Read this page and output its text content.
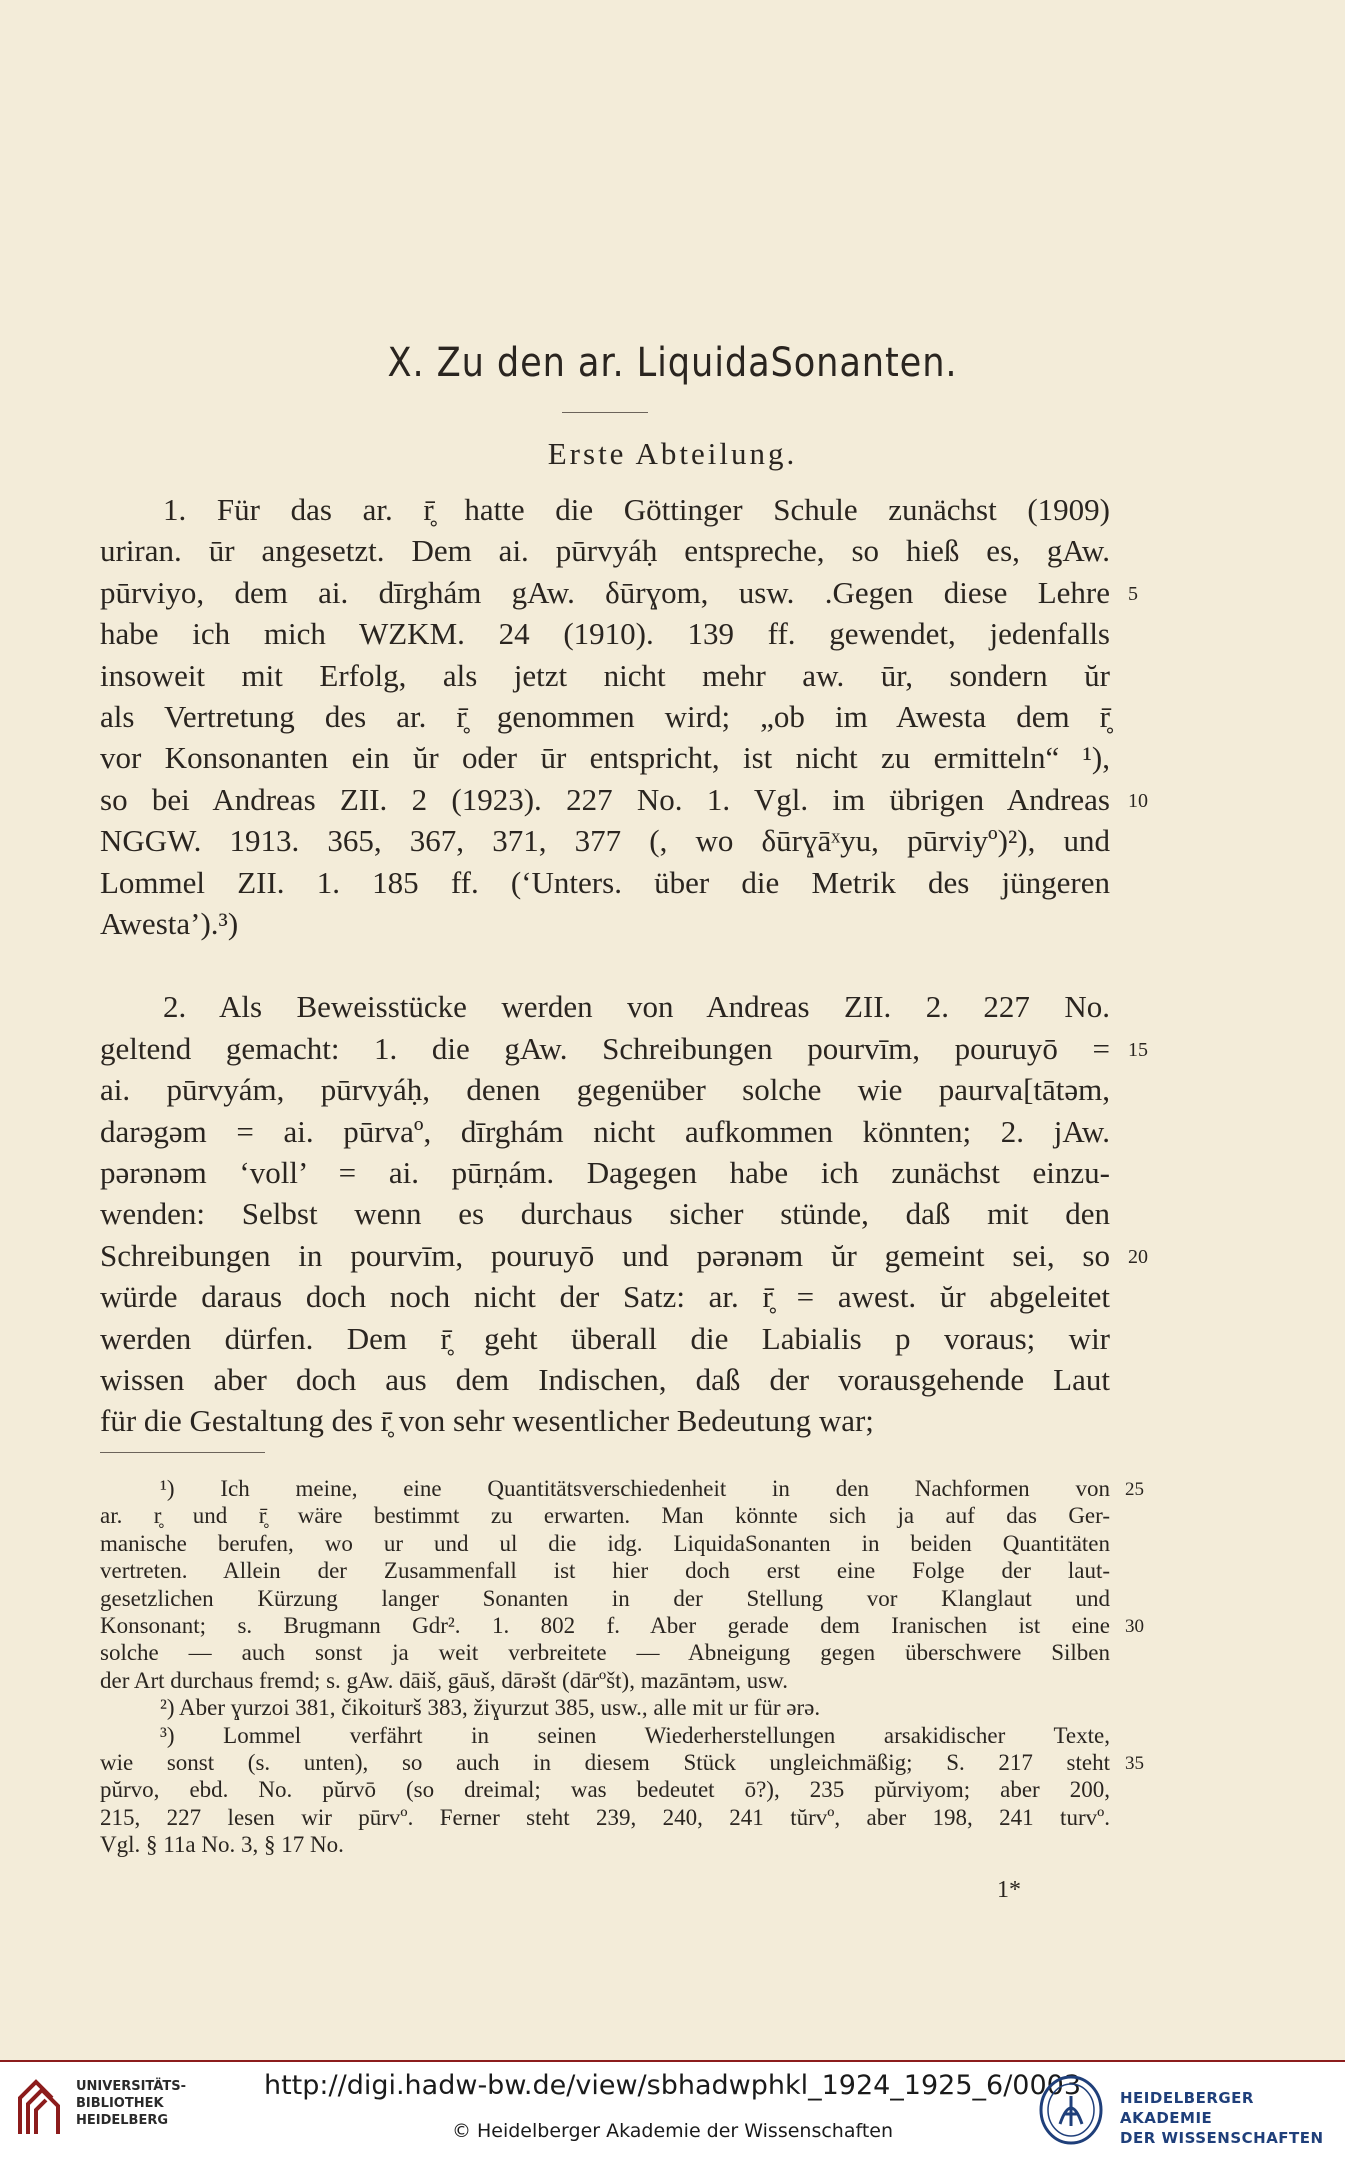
X. Zu den ar. LiquidaSonanten.
Erste Abteilung.
1. Für das ar. r̥̄ hatte die Göttinger Schule zunächst (1909)
uriran. ūr angesetzt. Dem ai. pūrvyáḥ entspreche, so hieß es, gAw.
pūrviyo, dem ai. dīrghám gAw. δūrɣom, usw. .Gegen diese Lehre 5
habe ich mich WZKM. 24 (1910). 139 ff. gewendet, jedenfalls
insoweit mit Erfolg, als jetzt nicht mehr aw. ūr, sondern ŭr
als Vertretung des ar. r̥̄ genommen wird; „ob im Awesta dem r̥̄
vor Konsonanten ein ŭr oder ūr entspricht, ist nicht zu ermitteln“ ¹),
so bei Andreas ZII. 2 (1923). 227 No. 1. Vgl. im übrigen Andreas 10
NGGW. 1913. 365, 367, 371, 377 (, wo δūrɣāˣyu, pūrviyº)²), und
Lommel ZII. 1. 185 ff. (‘Unters. über die Metrik des jüngeren
Awesta’).³)
2. Als Beweisstücke werden von Andreas ZII. 2. 227 No.
geltend gemacht: 1. die gAw. Schreibungen pourvīm, pouruyō = 15
ai. pūrvyám, pūrvyáḥ, denen gegenüber solche wie paurva[tātəm,
darəgəm = ai. pūrvaº, dīrghám nicht aufkommen könnten; 2. jAw.
pərənəm ‘voll’ = ai. pūrṇám. Dagegen habe ich zunächst einzu-
wenden: Selbst wenn es durchaus sicher stünde, daß mit den
Schreibungen in pourvīm, pouruyō und pərənəm ŭr gemeint sei, so 20
würde daraus doch noch nicht der Satz: ar. r̥̄ = awest. ŭr abgeleitet
werden dürfen. Dem r̥̄ geht überall die Labialis p voraus; wir
wissen aber doch aus dem Indischen, daß der vorausgehende Laut
für die Gestaltung des r̥̄ von sehr wesentlicher Bedeutung war;
¹) Ich meine, eine Quantitätsverschiedenheit in den Nachformen von 25
ar. r̥ und r̥̄ wäre bestimmt zu erwarten. Man könnte sich ja auf das Ger-
manische berufen, wo ur und ul die idg. LiquidaSonanten in beiden Quantitäten
vertreten. Allein der Zusammenfall ist hier doch erst eine Folge der laut-
gesetzlichen Kürzung langer Sonanten in der Stellung vor Klanglaut und
Konsonant; s. Brugmann Gdr². 1. 802 f. Aber gerade dem Iranischen ist eine 30
solche — auch sonst ja weit verbreitete — Abneigung gegen überschwere Silben
der Art durchaus fremd; s. gAw. dāiš, gāuš, dārəšt (dārºšt), mazāntəm, usw.
²) Aber ɣurzoi 381, čikoiturš 383, žiɣurzut 385, usw., alle mit ur für ərə.
³) Lommel verfährt in seinen Wiederherstellungen arsakidischer Texte,
wie sonst (s. unten), so auch in diesem Stück ungleichmäßig; S. 217 steht 35
pŭrvo, ebd. No. pŭrvō (so dreimal; was bedeutet ō?), 235 pŭrviyom; aber 200,
215, 227 lesen wir pūrvº. Ferner steht 239, 240, 241 tŭrvº, aber 198, 241 turvº.
Vgl. § 11a No. 3, § 17 No.
1*
UNIVERSITÄTS-
BIBLIOTHEK
HEIDELBERG
http://digi.hadw-bw.de/view/sbhadwphkl_1924_1925_6/0003
© Heidelberger Akademie der Wissenschaften
HEIDELBERGER AKADEMIE
DER WISSENSCHAFTEN
